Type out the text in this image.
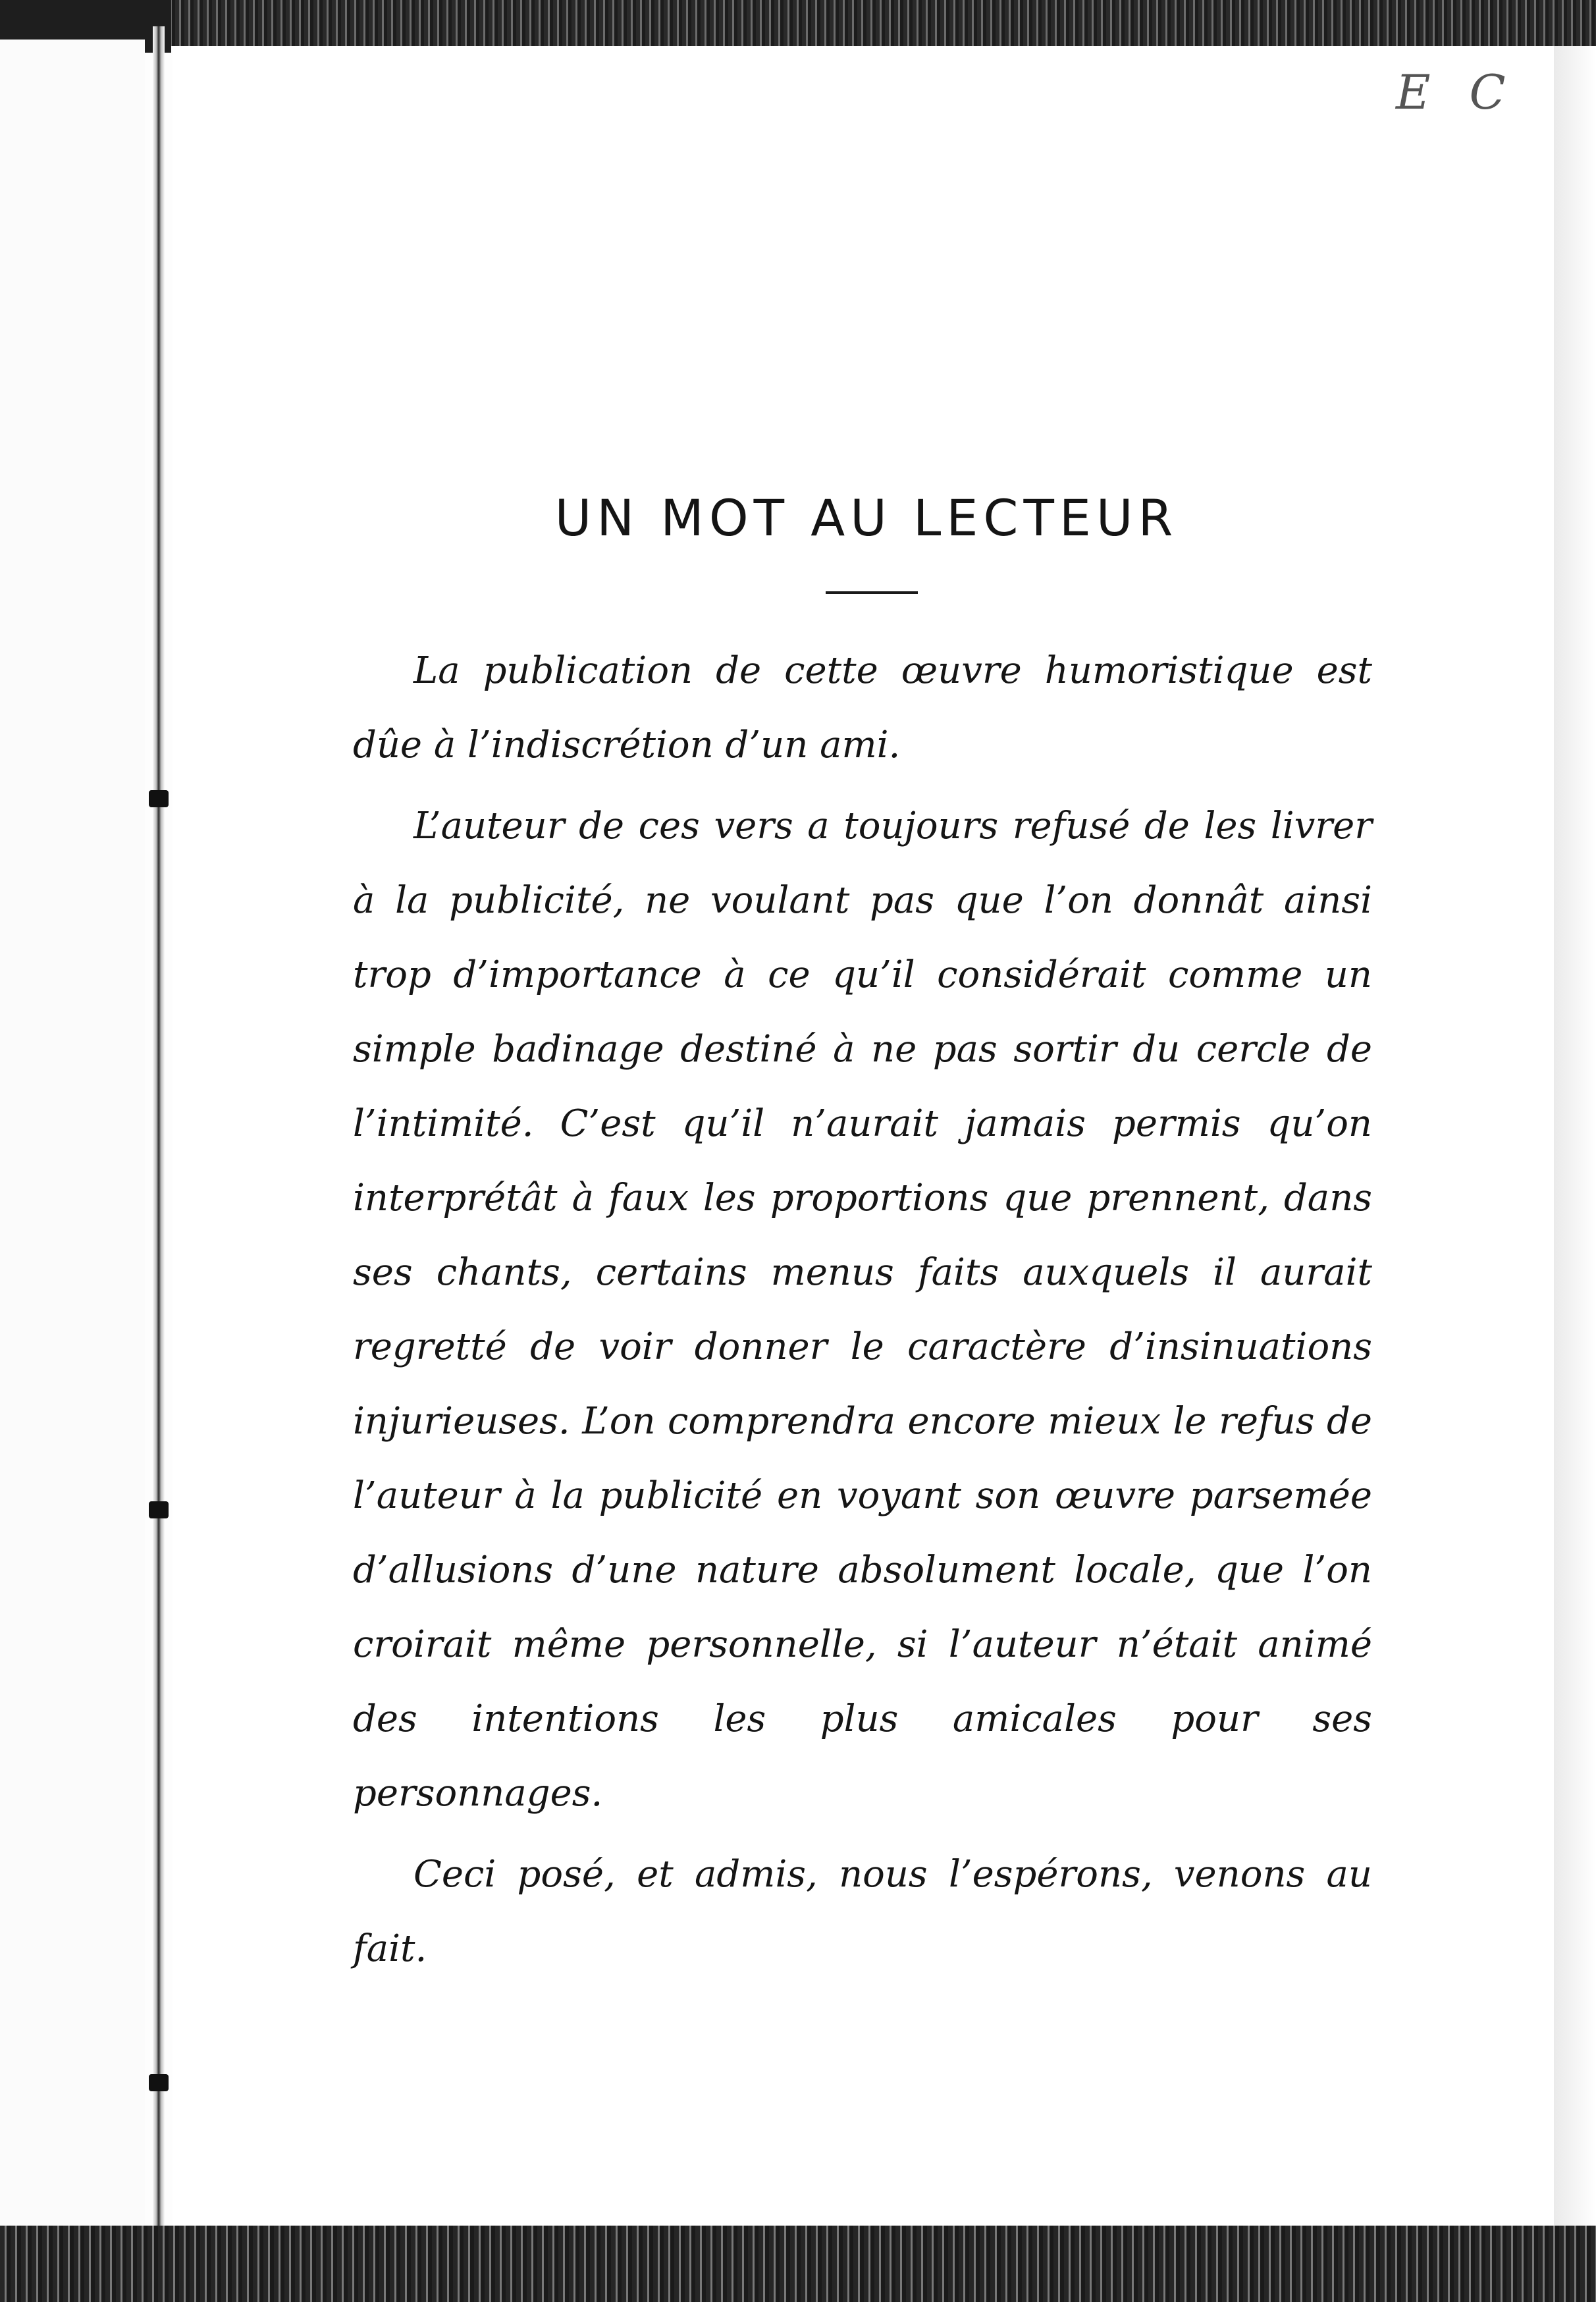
E C
UN MOT AU LECTEUR

La publication de cette œuvre humoristique est dûe à l’indiscrétion d’un ami.

L’auteur de ces vers a toujours refusé de les livrer à la publicité, ne voulant pas que l’on donnât ainsi trop d’importance à ce qu’il considérait comme un simple badinage destiné à ne pas sortir du cercle de l’intimité. C’est qu’il n’aurait jamais permis qu’on interprétât à faux les proportions que prennent, dans ses chants, certains menus faits auxquels il aurait regretté de voir donner le caractère d’insinuations injurieuses. L’on comprendra encore mieux le refus de l’auteur à la publicité en voyant son œuvre parsemée d’allusions d’une nature absolument locale, que l’on croirait même personnelle, si l’auteur n’était animé des intentions les plus amicales pour ses personnages.

Ceci posé, et admis, nous l’espérons, venons au fait.
